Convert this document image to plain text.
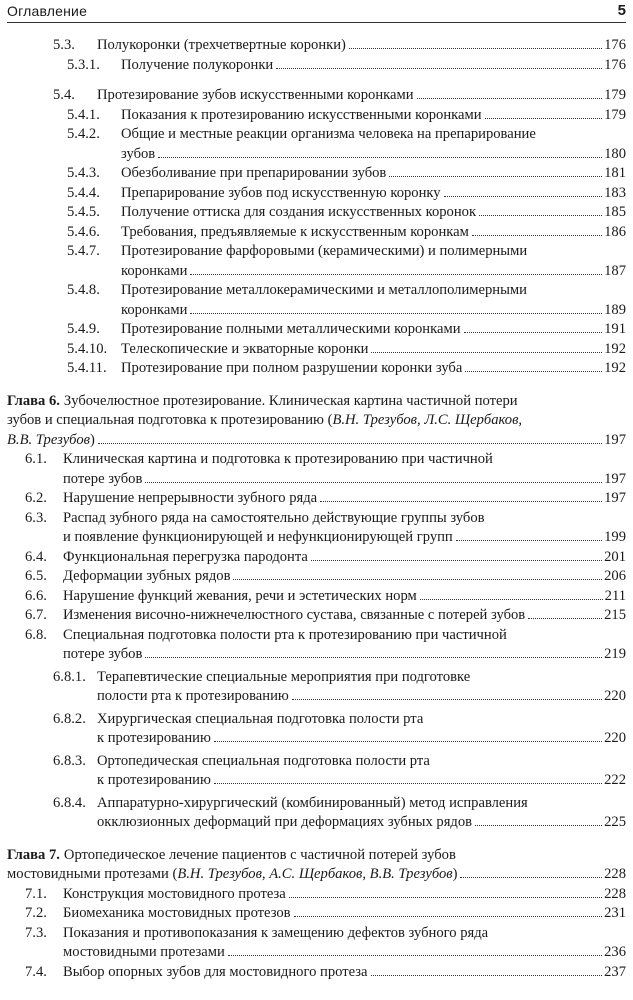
Оглавление	5
5.3. Полукоронки (трехчетвертные коронки)	176
5.3.1. Получение полукоронки	176
5.4. Протезирование зубов искусственными коронками	179
5.4.1. Показания к протезированию искусственными коронками	179
5.4.2. Общие и местные реакции организма человека на препарирование
зубов	180
5.4.3. Обезболивание при препарировании зубов	181
5.4.4. Препарирование зубов под искусственную коронку	183
5.4.5. Получение оттиска для создания искусственных коронок	185
5.4.6. Требования, предъявляемые к искусственным коронкам	186
5.4.7. Протезирование фарфоровыми (керамическими) и полимерными
коронками	187
5.4.8. Протезирование металлокерамическими и металлополимерными
коронками	189
5.4.9. Протезирование полными металлическими коронками	191
5.4.10. Телескопические и экваторные коронки	192
5.4.11. Протезирование при полном разрушении коронки зуба	192
Глава 6. Зубочелюстное протезирование. Клиническая картина частичной потери
зубов и специальная подготовка к протезированию (В.Н. Трезубов, Л.С. Щербаков,
В.В. Трезубов)	197
6.1. Клиническая картина и подготовка к протезированию при частичной
потере зубов	197
6.2. Нарушение непрерывности зубного ряда	197
6.3. Распад зубного ряда на самостоятельно действующие группы зубов
и появление функционирующей и нефункционирующей групп	199
6.4. Функциональная перегрузка пародонта	201
6.5. Деформации зубных рядов	206
6.6. Нарушение функций жевания, речи и эстетических норм	211
6.7. Изменения височно-нижнечелюстного сустава, связанные с потерей зубов	215
6.8. Специальная подготовка полости рта к протезированию при частичной
потере зубов	219
6.8.1. Терапевтические специальные мероприятия при подготовке
полости рта к протезированию	220
6.8.2. Хирургическая специальная подготовка полости рта
к протезированию	220
6.8.3. Ортопедическая специальная подготовка полости рта
к протезированию	222
6.8.4. Аппаратурно-хирургический (комбинированный) метод исправления
окклюзионных деформаций при деформациях зубных рядов	225
Глава 7. Ортопедическое лечение пациентов с частичной потерей зубов
мостовидными протезами (В.Н. Трезубов, А.С. Щербаков, В.В. Трезубов)	228
7.1. Конструкция мостовидного протеза	228
7.2. Биомеханика мостовидных протезов	231
7.3. Показания и противопоказания к замещению дефектов зубного ряда
мостовидными протезами	236
7.4. Выбор опорных зубов для мостовидного протеза	237
